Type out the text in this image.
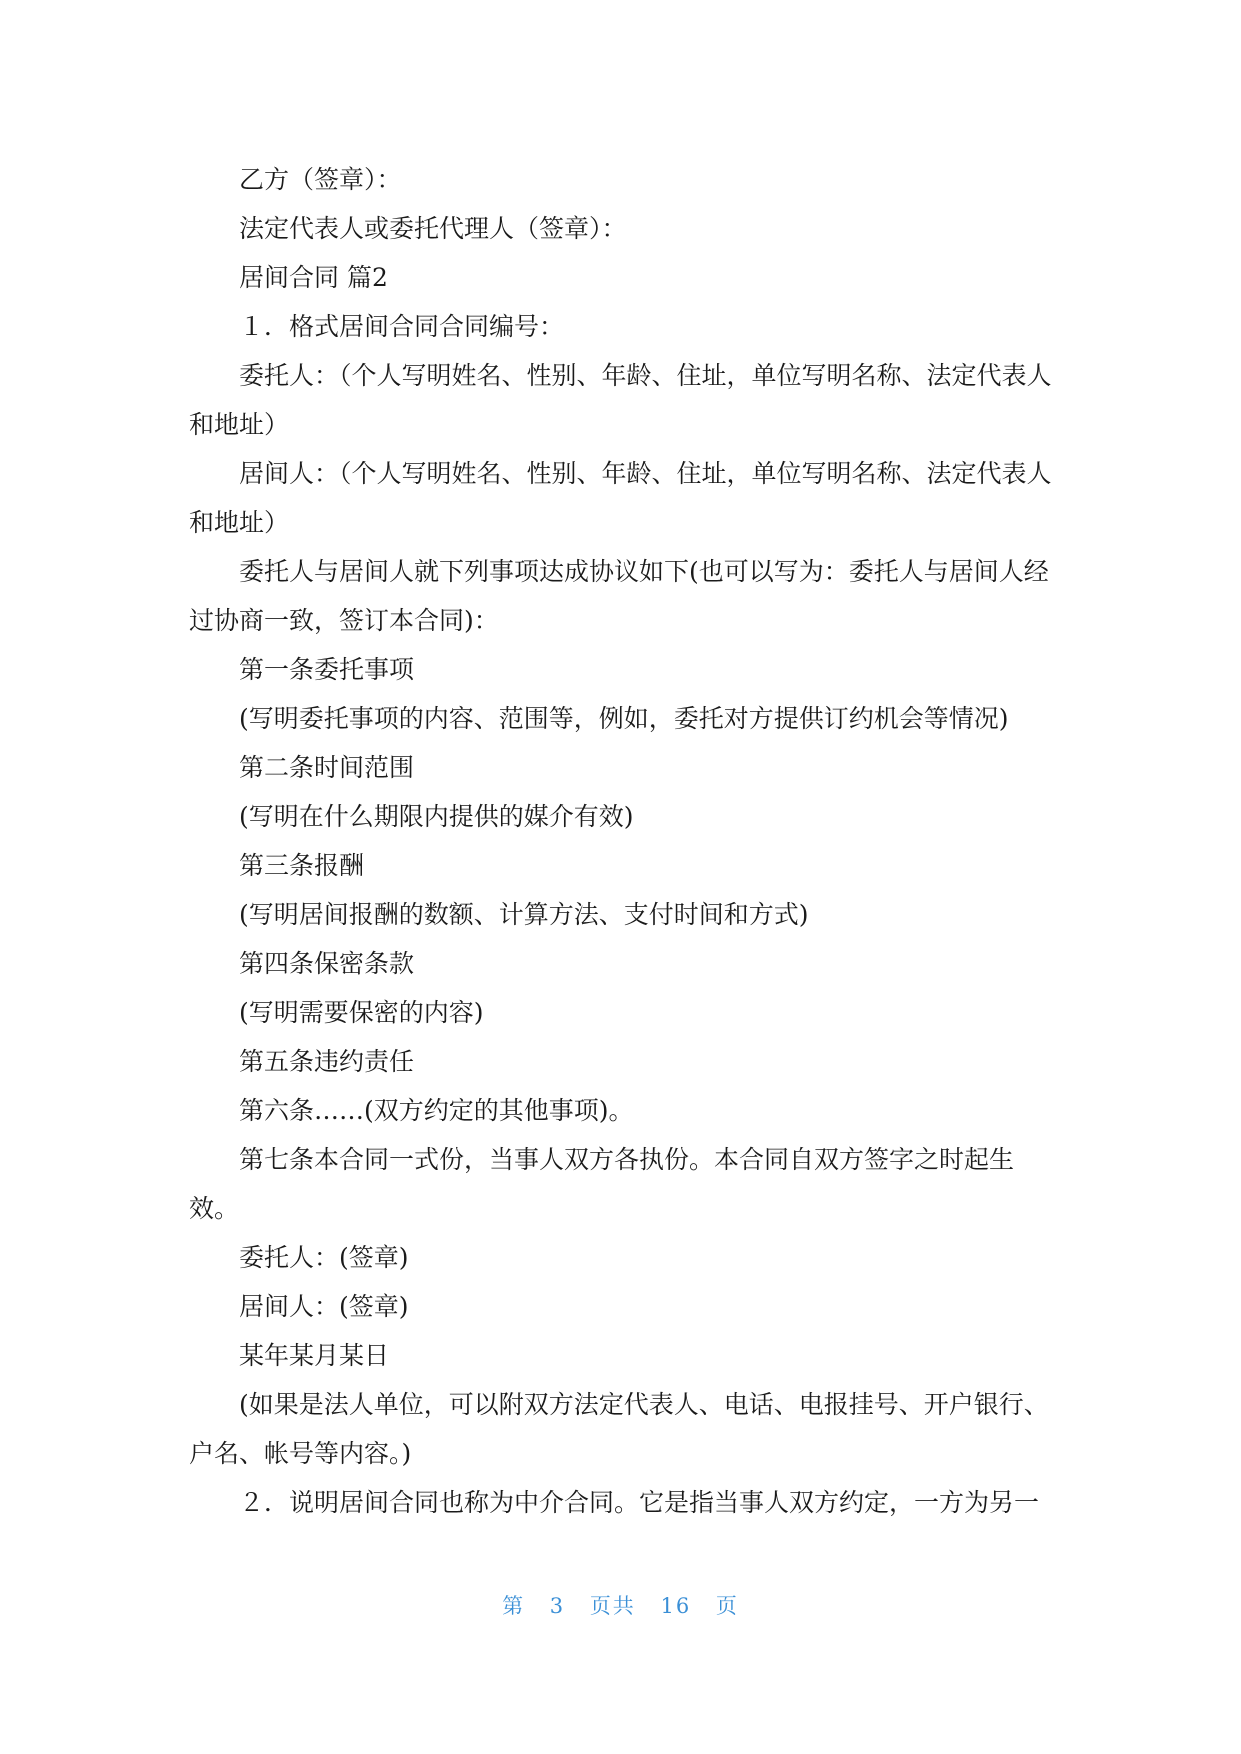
乙方（签章）：

法定代表人或委托代理人（签章）：

居间合同 篇2

１．格式居间合同合同编号：

委托人：（个人写明姓名、性别、年龄、住址，单位写明名称、法定代表人和地址）

居间人：（个人写明姓名、性别、年龄、住址，单位写明名称、法定代表人和地址）

委托人与居间人就下列事项达成协议如下(也可以写为：委托人与居间人经过协商一致，签订本合同)：

第一条委托事项

(写明委托事项的内容、范围等，例如，委托对方提供订约机会等情况)

第二条时间范围

(写明在什么期限内提供的媒介有效)

第三条报酬

(写明居间报酬的数额、计算方法、支付时间和方式)

第四条保密条款

(写明需要保密的内容)

第五条违约责任

第六条……(双方约定的其他事项)。

第七条本合同一式份，当事人双方各执份。本合同自双方签字之时起生效。

委托人：(签章)

居间人：(签章)

某年某月某日

(如果是法人单位，可以附双方法定代表人、电话、电报挂号、开户银行、户名、帐号等内容。)

２．说明居间合同也称为中介合同。它是指当事人双方约定，一方为另一

第 3 页共 16 页
